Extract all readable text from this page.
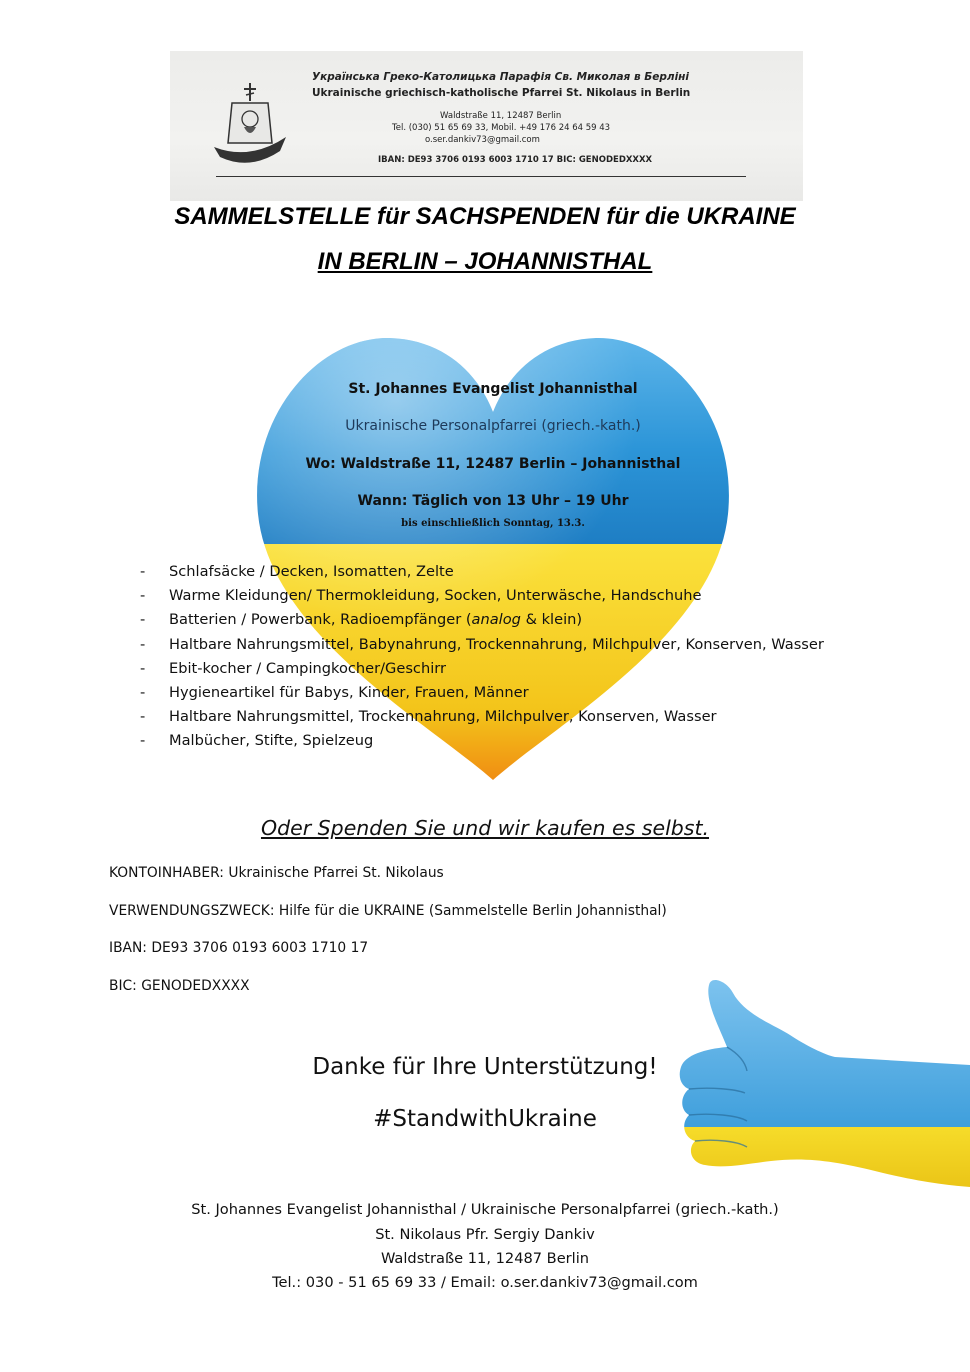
Українська Греко-Католицька Парафія Св. Миколая в Берліні
Ukrainische griechisch-katholische Pfarrei St. Nikolaus in Berlin
Waldstraße 11, 12487 Berlin
Tel. (030) 51 65 69 33, Mobil. +49 176 24 64 59 43
o.ser.dankiv73@gmail.com
IBAN: DE93 3706 0193 6003 1710 17 BIC: GENODEDXXXX
SAMMELSTELLE für SACHSPENDEN für die UKRAINE
IN BERLIN – JOHANNISTHAL
St. Johannes Evangelist Johannisthal
Ukrainische Personalpfarrei (griech.-kath.)
Wo: Waldstraße 11, 12487 Berlin – Johannisthal
Wann: Täglich von 13 Uhr – 19 Uhr
bis einschließlich Sonntag, 13.3.
- Schlafsäcke / Decken, Isomatten, Zelte
- Warme Kleidungen/ Thermokleidung, Socken, Unterwäsche, Handschuhe
- Batterien / Powerbank, Radioempfänger (analog & klein)
- Haltbare Nahrungsmittel, Babynahrung, Trockennahrung, Milchpulver, Konserven, Wasser
- Ebit-kocher / Campingkocher/Geschirr
- Hygieneartikel für Babys, Kinder, Frauen, Männer
- Haltbare Nahrungsmittel, Trockennahrung, Milchpulver, Konserven, Wasser
- Malbücher, Stifte, Spielzeug
Oder Spenden Sie und wir kaufen es selbst.
KONTOINHABER: Ukrainische Pfarrei St. Nikolaus
VERWENDUNGSZWECK: Hilfe für die UKRAINE (Sammelstelle Berlin Johannisthal)
IBAN: DE93 3706 0193 6003 1710 17
BIC: GENODEDXXXX
Danke für Ihre Unterstützung!
#StandwithUkraine
St. Johannes Evangelist Johannisthal / Ukrainische Personalpfarrei (griech.-kath.)
St. Nikolaus Pfr. Sergiy Dankiv
Waldstraße 11, 12487 Berlin
Tel.: 030 - 51 65 69 33 / Email: o.ser.dankiv73@gmail.com
